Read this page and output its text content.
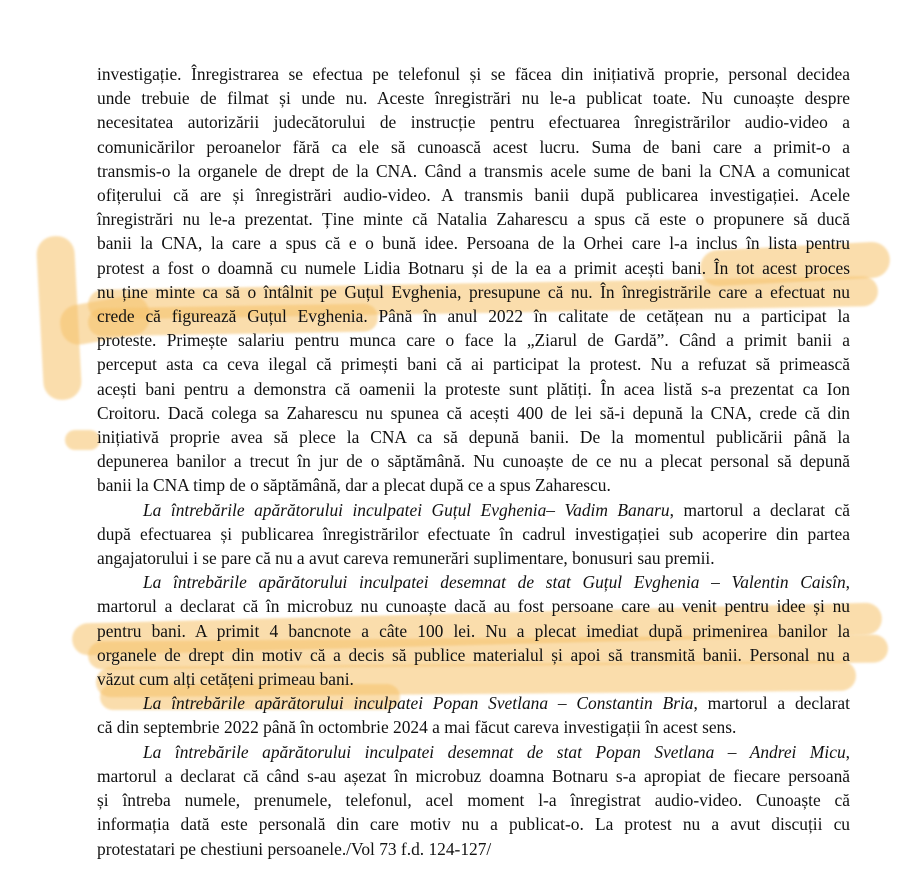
investigație. Înregistrarea se efectua pe telefonul și se făcea din inițiativă proprie, personal decidea
unde trebuie de filmat și unde nu. Aceste înregistrări nu le-a publicat toate. Nu cunoaște despre
necesitatea autorizării judecătorului de instrucție pentru efectuarea înregistrărilor audio-video a
comunicărilor peroanelor fără ca ele să cunoască acest lucru. Suma de bani care a primit-o a
transmis-o la organele de drept de la CNA. Când a transmis acele sume de bani la CNA a comunicat
ofițerului că are și înregistrări audio-video. A transmis banii după publicarea investigației. Acele
înregistrări nu le-a prezentat. Ține minte că Natalia Zaharescu a spus că este o propunere să ducă
banii la CNA, la care a spus că e o bună idee. Persoana de la Orhei care l-a inclus în lista pentru
protest a fost o doamnă cu numele Lidia Botnaru și de la ea a primit acești bani. În tot acest proces
nu ține minte ca să o întâlnit pe Guțul Evghenia, presupune că nu. În înregistrările care a efectuat nu
crede că figurează Guțul Evghenia. Până în anul 2022 în calitate de cetățean nu a participat la
proteste. Primește salariu pentru munca care o face la „Ziarul de Gardă”. Când a primit banii a
perceput asta ca ceva ilegal că primești bani că ai participat la protest. Nu a refuzat să primească
acești bani pentru a demonstra că oamenii la proteste sunt plătiți. În acea listă s-a prezentat ca Ion
Croitoru. Dacă colega sa Zaharescu nu spunea că acești 400 de lei să-i depună la CNA, crede că din
inițiativă proprie avea să plece la CNA ca să depună banii. De la momentul publicării până la
depunerea banilor a trecut în jur de o săptămână. Nu cunoaște de ce nu a plecat personal să depună
banii la CNA timp de o săptămână, dar a plecat după ce a spus Zaharescu.
La întrebările apărătorului inculpatei Guțul Evghenia– Vadim Banaru, martorul a declarat că
după efectuarea și publicarea înregistrărilor efectuate în cadrul investigației sub acoperire din partea
angajatorului i se pare că nu a avut careva remunerări suplimentare, bonusuri sau premii.
La întrebările apărătorului inculpatei desemnat de stat Guțul Evghenia – Valentin Caisîn,
martorul a declarat că în microbuz nu cunoaște dacă au fost persoane care au venit pentru idee și nu
pentru bani. A primit 4 bancnote a câte 100 lei. Nu a plecat imediat după primenirea banilor la
organele de drept din motiv că a decis să publice materialul și apoi să transmită banii. Personal nu a
văzut cum alți cetățeni primeau bani.
La întrebările apărătorului inculpatei Popan Svetlana – Constantin Bria, martorul a declarat
că din septembrie 2022 până în octombrie 2024 a mai făcut careva investigații în acest sens.
La întrebările apărătorului inculpatei desemnat de stat Popan Svetlana – Andrei Micu,
martorul a declarat că când s-au așezat în microbuz doamna Botnaru s-a apropiat de fiecare persoană
și întreba numele, prenumele, telefonul, acel moment l-a înregistrat audio-video. Cunoaște că
informația dată este personală din care motiv nu a publicat-o. La protest nu a avut discuții cu
protestatari pe chestiuni persoanele./Vol 73 f.d. 124-127/
